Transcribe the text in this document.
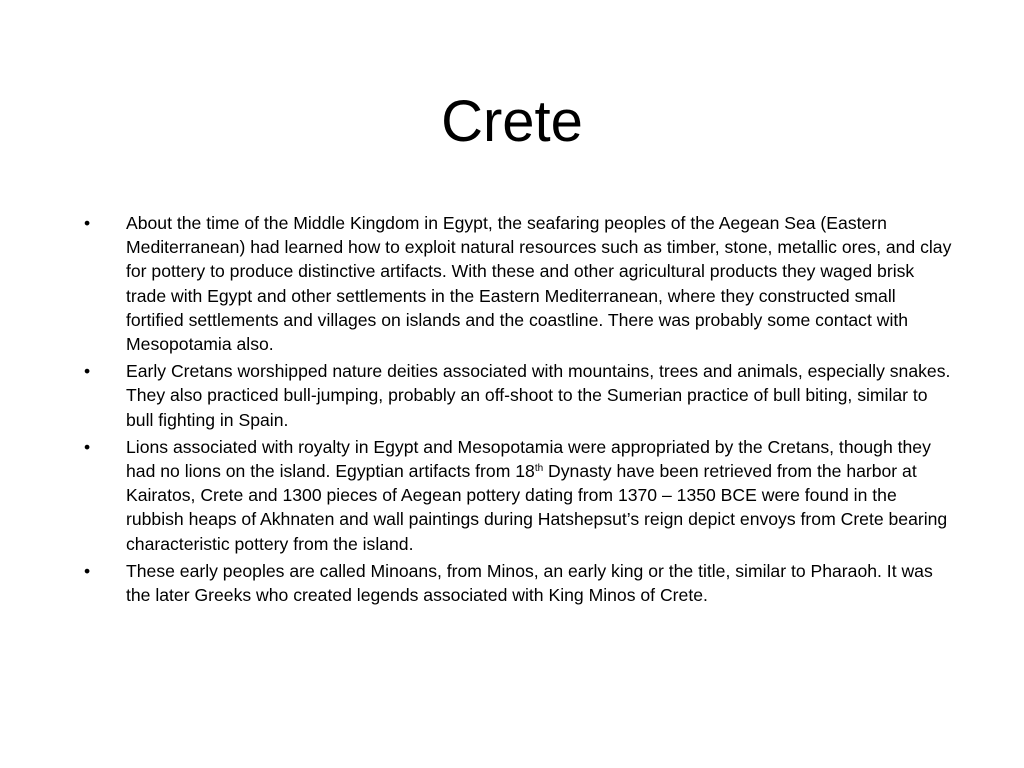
Crete
•	About the time of the Middle Kingdom in Egypt, the seafaring peoples of the Aegean Sea (Eastern Mediterranean) had learned how to exploit natural resources such as timber, stone, metallic ores, and clay for pottery to produce distinctive artifacts. With these and other agricultural products they waged brisk trade with Egypt and other settlements in the Eastern Mediterranean, where they constructed small fortified settlements and villages on islands and the coastline. There was probably some contact with Mesopotamia also.
•	Early Cretans worshipped nature deities associated with mountains, trees and animals, especially snakes. They also practiced bull-jumping, probably an off-shoot to the Sumerian practice of bull biting, similar to bull fighting in Spain.
•	Lions associated with royalty in Egypt and Mesopotamia were appropriated by the Cretans, though they had no lions on the island. Egyptian artifacts from 18th Dynasty have been retrieved from the harbor at Kairatos, Crete and 1300 pieces of Aegean pottery dating from 1370 – 1350 BCE were found in the rubbish heaps of Akhnaten and wall paintings during Hatshepsut’s reign depict envoys from Crete bearing characteristic pottery from the island.
•	These early peoples are called Minoans, from Minos, an early king or the title, similar to Pharaoh. It was the later Greeks who created legends associated with King Minos of Crete.
